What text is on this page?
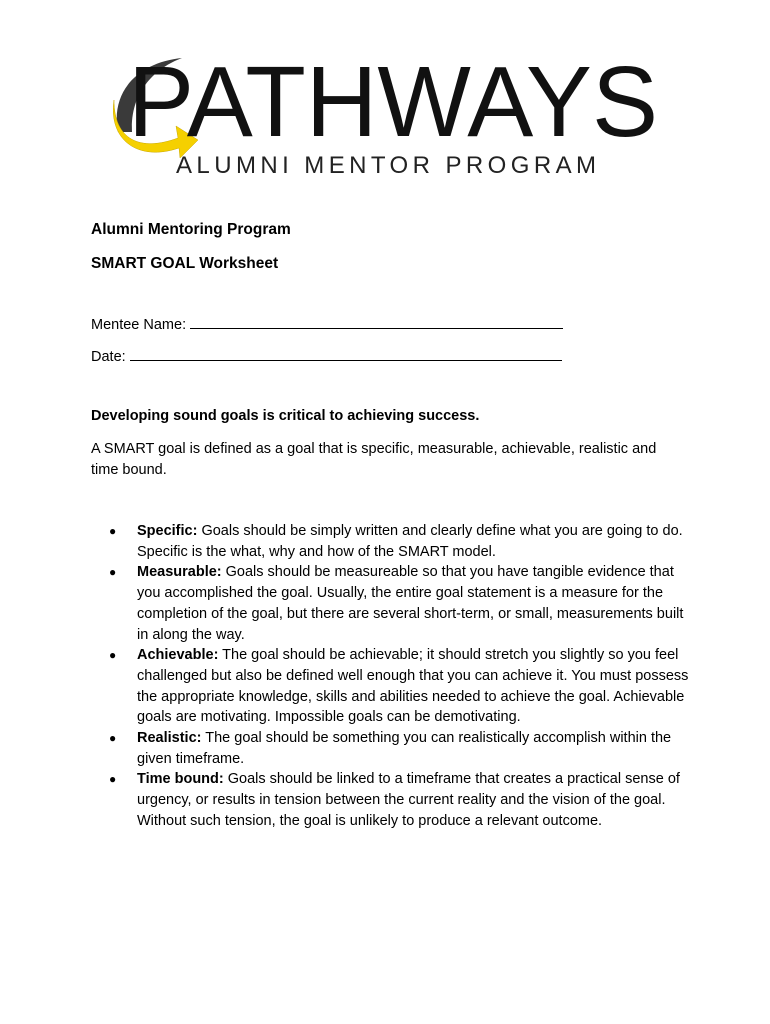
PATHWAYS
ALUMNI MENTOR PROGRAM
Alumni Mentoring Program
SMART GOAL Worksheet
Mentee Name:
Date:
Developing sound goals is critical to achieving success.
A SMART goal is defined as a goal that is specific, measurable, achievable, realistic and time bound.
● Specific: Goals should be simply written and clearly define what you are going to do. Specific is the what, why and how of the SMART model.
● Measurable: Goals should be measureable so that you have tangible evidence that you accomplished the goal. Usually, the entire goal statement is a measure for the completion of the goal, but there are several short-term, or small, measurements built in along the way.
● Achievable: The goal should be achievable; it should stretch you slightly so you feel challenged but also be defined well enough that you can achieve it. You must possess the appropriate knowledge, skills and abilities needed to achieve the goal. Achievable goals are motivating. Impossible goals can be demotivating.
● Realistic: The goal should be something you can realistically accomplish within the given timeframe.
● Time bound: Goals should be linked to a timeframe that creates a practical sense of urgency, or results in tension between the current reality and the vision of the goal. Without such tension, the goal is unlikely to produce a relevant outcome.
